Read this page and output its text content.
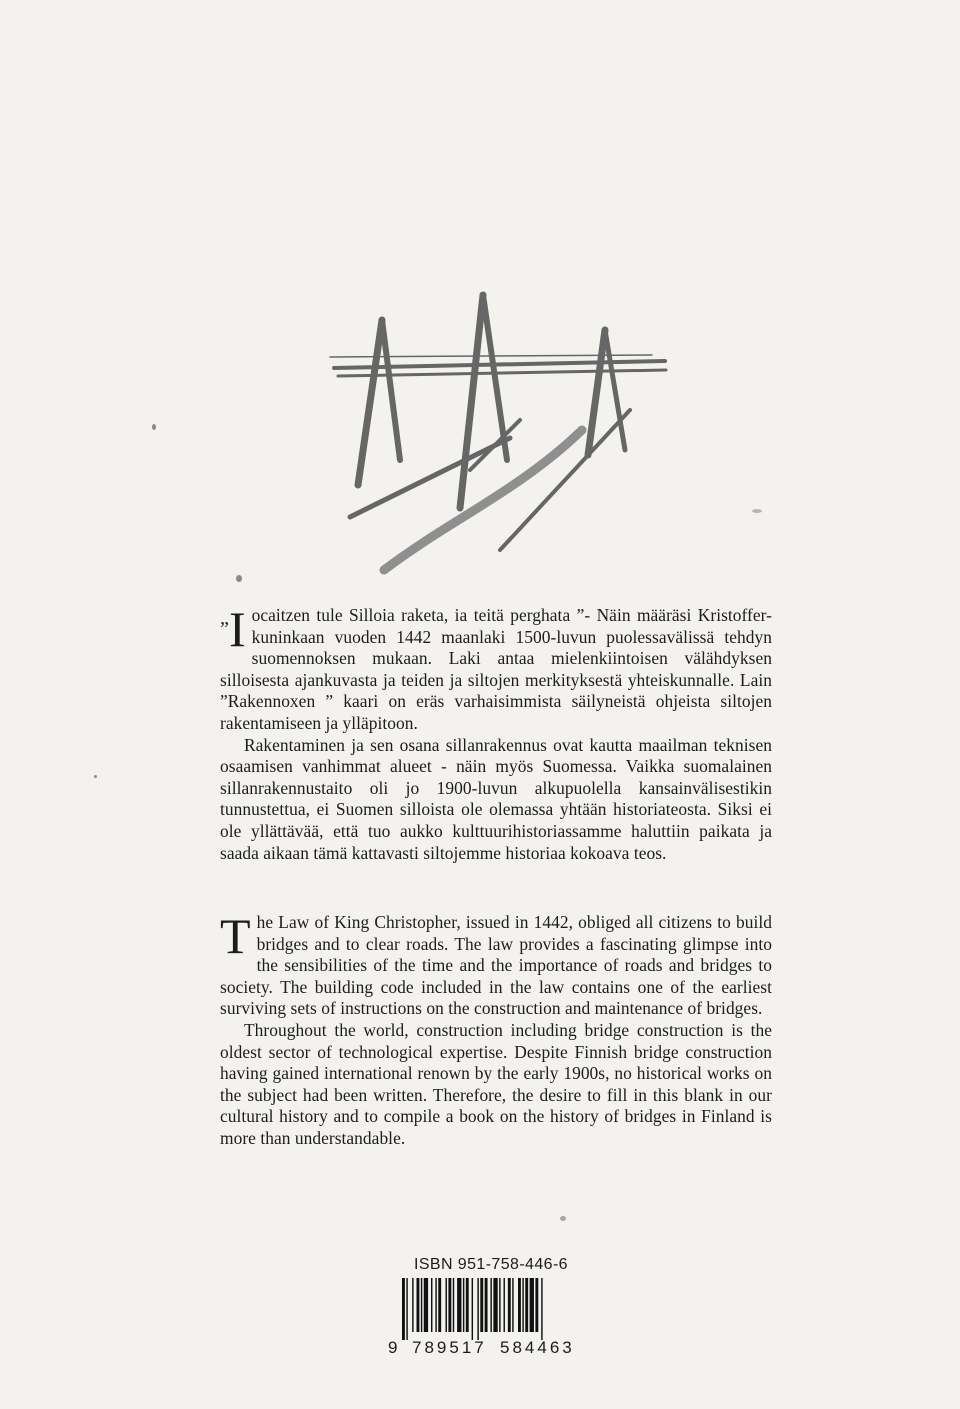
”I ocaitzen tule Silloia raketa, ia teitä perghata ”- Näin määräsi Kristoffer-kuninkaan vuoden 1442 maanlaki 1500-luvun puolessavälissä tehdyn suomennoksen mukaan. Laki antaa mielenkiintoisen välähdyksen silloisesta ajankuvasta ja teiden ja siltojen merkityksestä yhteiskunnalle. Lain ”Rakennoxen ” kaari on eräs varhaisimmista säilyneistä ohjeista siltojen rakentamiseen ja ylläpitoon.

Rakentaminen ja sen osana sillanrakennus ovat kautta maailman teknisen osaamisen vanhimmat alueet - näin myös Suomessa. Vaikka suomalainen sillanrakennustaito oli jo 1900-luvun alkupuolella kansainvälisestikin tunnustettua, ei Suomen silloista ole olemassa yhtään historiateosta. Siksi ei ole yllättävää, että tuo aukko kulttuurihistoriassamme haluttiin paikata ja saada aikaan tämä kattavasti siltojemme historiaa kokoava teos.

The Law of King Christopher, issued in 1442, obliged all citizens to build bridges and to clear roads. The law provides a fascinating glimpse into the sensibilities of the time and the importance of roads and bridges to society. The building code included in the law contains one of the earliest surviving sets of instructions on the construction and maintenance of bridges.

Throughout the world, construction including bridge construction is the oldest sector of technological expertise. Despite Finnish bridge construction having gained international renown by the early 1900s, no historical works on the subject had been written. Therefore, the desire to fill in this blank in our cultural history and to compile a book on the history of bridges in Finland is more than understandable.

ISBN 951-758-446-6
9 789517 584463
